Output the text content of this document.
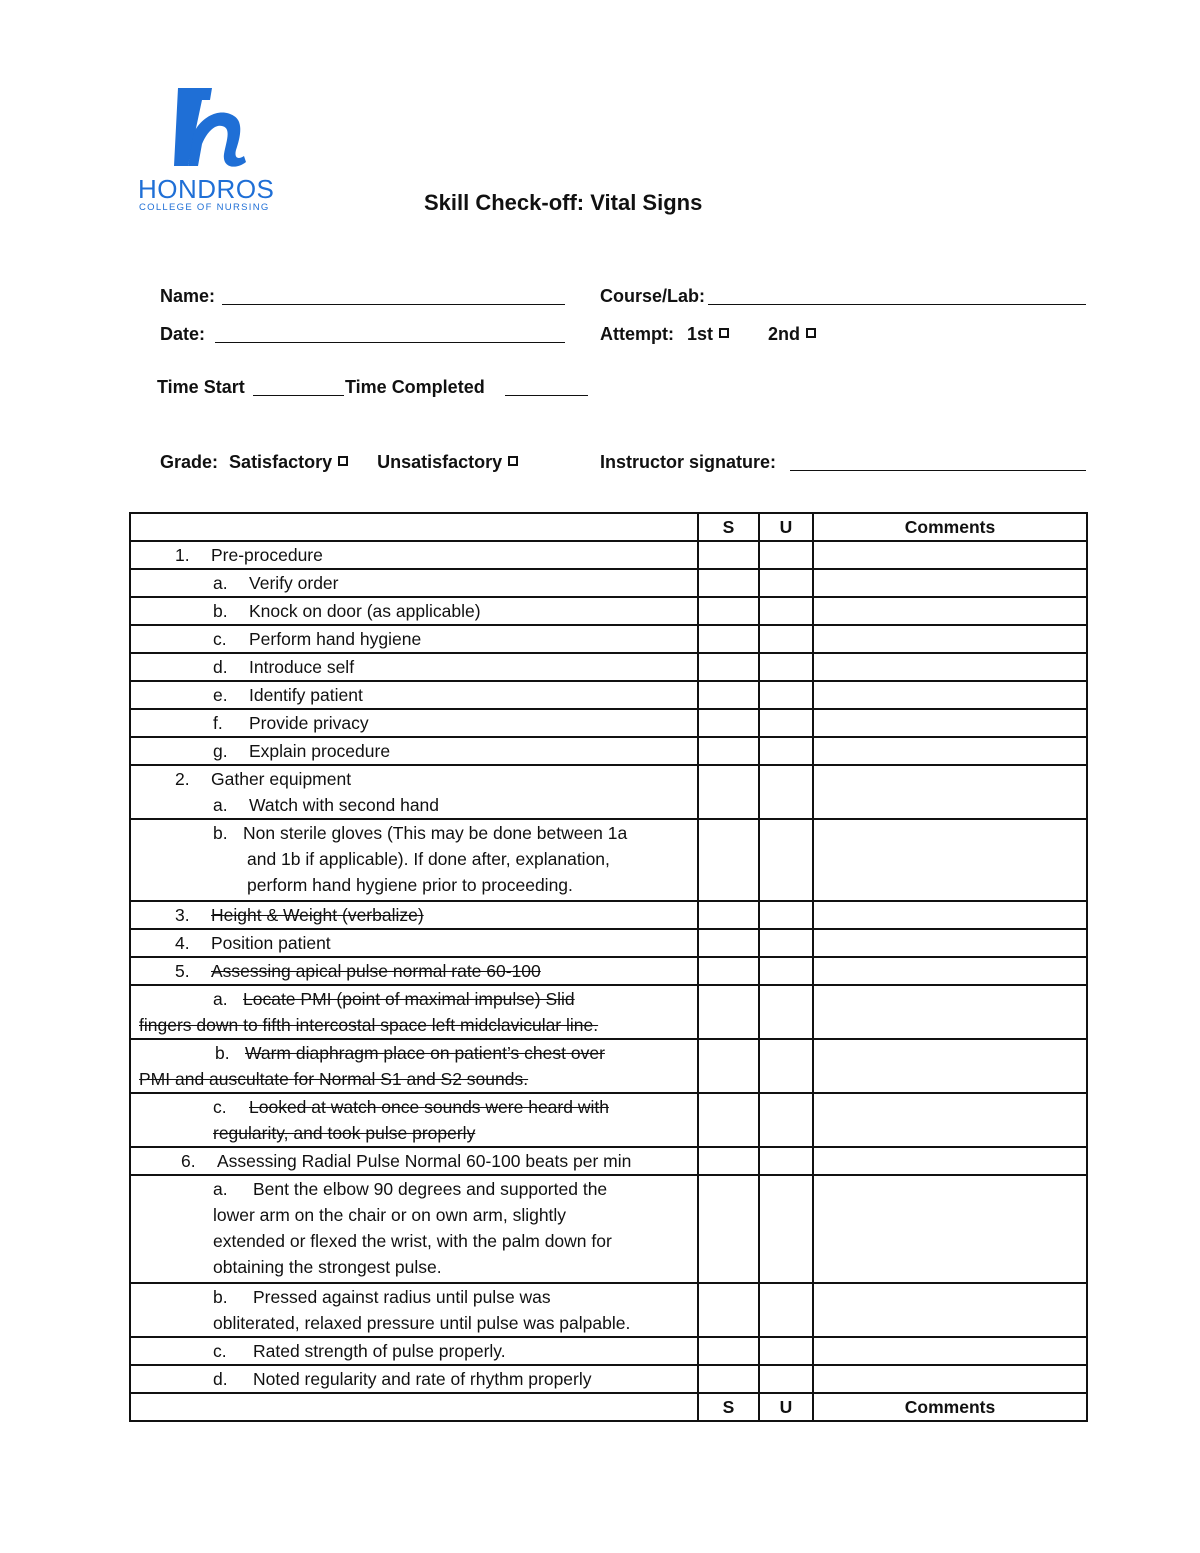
HONDROS
COLLEGE OF NURSING	Skill Check-off: Vital Signs
Name:	Course/Lab:
Date:	Attempt: 1st	2nd
Time Start	Time Completed
Grade: Satisfactory	Unsatisfactory	Instructor signature:
	S	U	Comments
1. Pre-procedure			
a. Verify order			
b. Knock on door (as applicable)			
c. Perform hand hygiene			
d. Introduce self			
e. Identify patient			
f. Provide privacy			
g. Explain procedure			

2. Gather equipment
a. Watch with second hand			

b. Non sterile gloves (This may be done between 1a
and 1b if applicable). If done after, explanation,
perform hand hygiene prior to proceeding.			

3. Height & Weight (verbalize)			
4. Position patient			
5. Assessing apical pulse normal rate 60-100			

a. Locate PMI (point of maximal impulse) Slid
fingers down to fifth intercostal space left midclavicular line.			

b. Warm diaphragm place on patient’s chest over
PMI and auscultate for Normal S1 and S2 sounds.			

c. Looked at watch once sounds were heard with
regularity, and took pulse properly			

6. Assessing Radial Pulse Normal 60-100 beats per min			

a. Bent the elbow 90 degrees and supported the
lower arm on the chair or on own arm, slightly
extended or flexed the wrist, with the palm down for
obtaining the strongest pulse.			

b. Pressed against radius until pulse was
obliterated, relaxed pressure until pulse was palpable.			

c. Rated strength of pulse properly.			
d. Noted regularity and rate of rhythm properly			
	S	U	Comments
